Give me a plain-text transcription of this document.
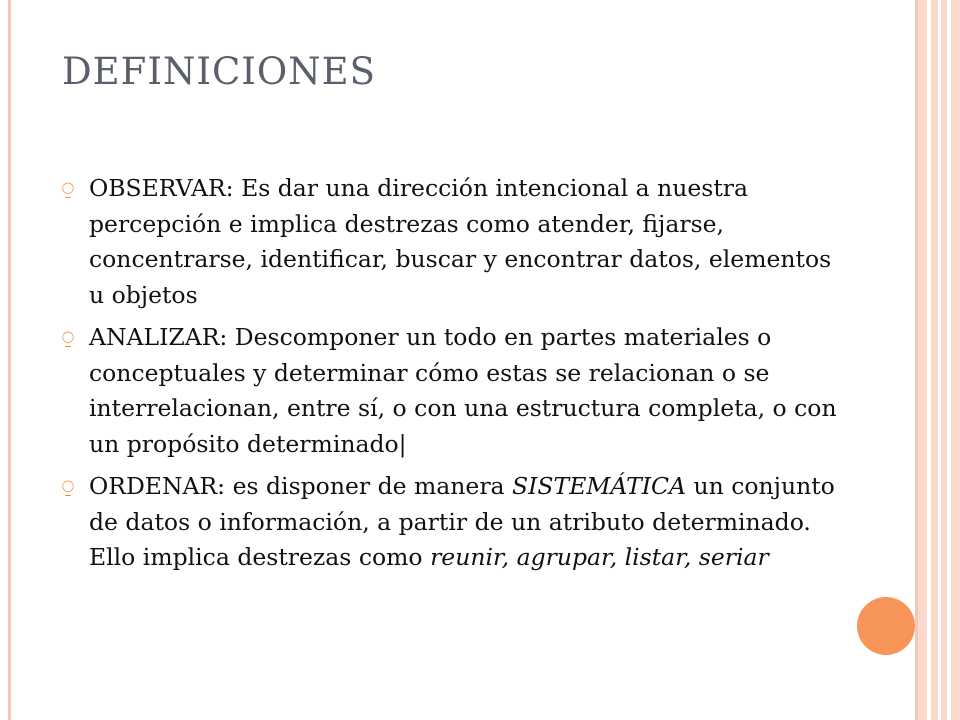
DEFINICIONES
⍜ OBSERVAR: Es dar una dirección intencional a nuestra percepción e implica destrezas como atender, fijarse, concentrarse, identificar, buscar y encontrar datos, elementos u objetos
⍜ ANALIZAR: Descomponer un todo en partes materiales o conceptuales y determinar cómo estas se relacionan o se interrelacionan, entre sí, o con una estructura completa, o con un propósito determinado|
⍜ ORDENAR: es disponer de manera SISTEMÁTICA un conjunto de datos o información, a partir de un atributo determinado. Ello implica destrezas como reunir, agrupar, listar, seriar
